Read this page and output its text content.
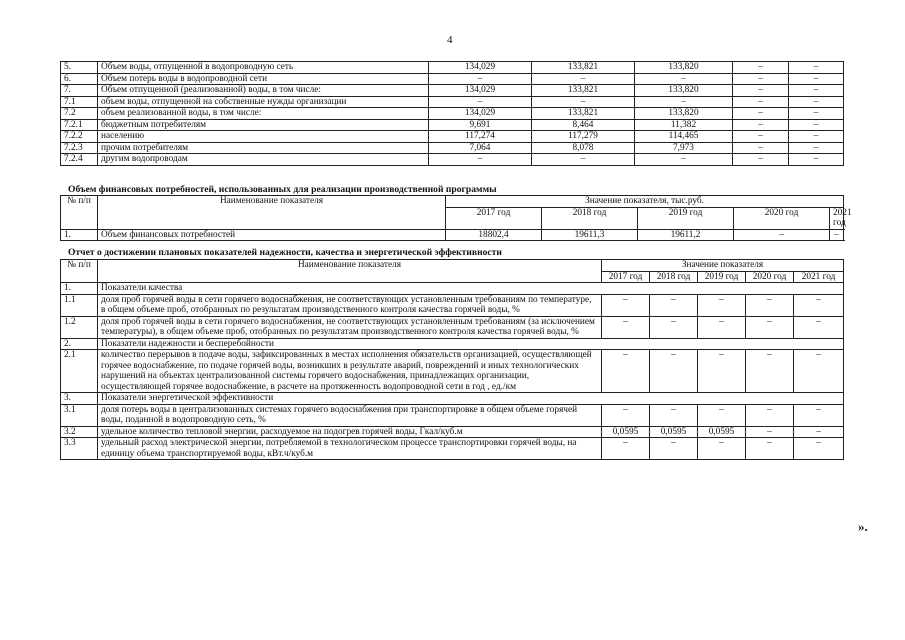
4
5.	Объем воды, отпущенной в водопроводную сеть	134,029	133,821	133,820	–	–
6.	Объем потерь воды в водопроводной сети	–	–	–	–	–
7.	Объем отпущенной (реализованной) воды, в том числе:	134,029	133,821	133,820	–	–
7.1	объем воды, отпущенной на собственные нужды организации	–	–	–	–	–
7.2	объем реализованной воды, в том числе:	134,029	133,821	133,820	–	–
7.2.1	бюджетным потребителям	9,691	8,464	11,382	–	–
7.2.2	населению	117,274	117,279	114,465	–	–
7.2.3	прочим потребителям	7,064	8,078	7,973	–	–
7.2.4	другим водопроводам	–	–	–	–	–
Объем финансовых потребностей, использованных для реализации производственной программы
№ п/п	Наименование показателя	Значение показателя, тыс.руб.				
		2017 год	2018 год	2019 год	2020 год	2021 год
1.	Объем финансовых потребностей	18802,4	19611,3	19611,2	–	–
Отчет о достижении плановых показателей надежности, качества и энергетической эффективности
№ п/п	Наименование показателя	Значение показателя				
		2017 год	2018 год	2019 год	2020 год	2021 год
1.	Показатели качества					
1.1	доля проб горячей воды в сети горячего водоснабжения, не соответствующих установленным требованиям по температуре, в общем объеме проб, отобранных по результатам производственного контроля качества горячей воды, %	–	–	–	–	–
1.2	доля проб горячей воды в сети горячего водоснабжения, не соответствующих установленным требованиям (за исключением температуры), в общем объеме проб, отобранных по результатам производственного контроля качества горячей воды, %	–	–	–	–	–
2.	Показатели надежности и бесперебойности					
2.1	количество перерывов в подаче воды, зафиксированных в местах исполнения обязательств организацией, осуществляющей горячее водоснабжение, по подаче горячей воды, возникших в результате аварий, повреждений и иных технологических нарушений на объектах централизованной системы горячего водоснабжения, принадлежащих организации, осуществляющей горячее водоснабжение, в расчете на протяженность водопроводной сети в год , ед./км	–	–	–	–	–
3.	Показатели энергетической эффективности					
3.1	доля потерь воды в централизованных системах горячего водоснабжения при транспортировке в общем объеме горячей воды, поданной в водопроводную сеть, %	–	–	–	–	–
3.2	удельное количество тепловой энергии, расходуемое на подогрев горячей воды, Гкал/куб.м	0,0595	0,0595	0,0595	–	–
3.3	удельный расход электрической энергии, потребляемой в технологическом процессе транспортировки горячей воды, на единицу объема транспортируемой воды, кВт.ч/куб.м	–	–	–	–	–
».
